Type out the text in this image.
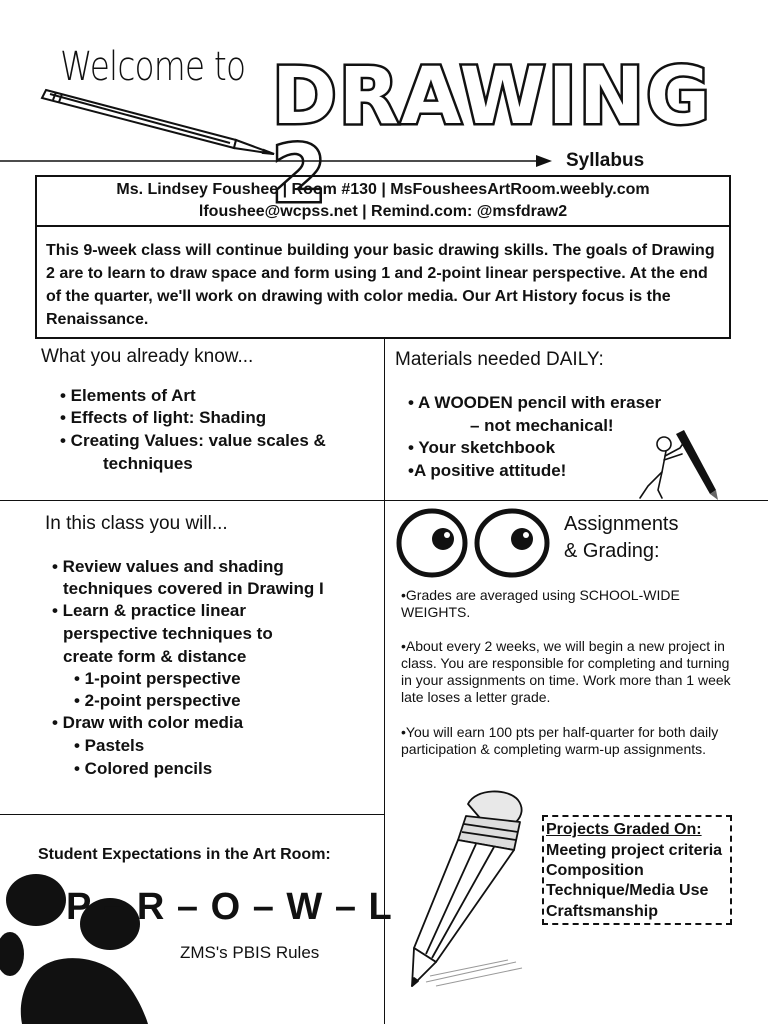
Welcome to DRAWING 2	Syllabus
Ms. Lindsey Foushee | Room #130 | MsFousheesArtRoom.weebly.com
lfoushee@wcpss.net | Remind.com: @msfdraw2
This 9-week class will continue building your basic drawing skills. The goals of Drawing 2 are to learn to draw space and form using 1 and 2-point linear perspective. At the end of the quarter, we'll work on drawing with color media. Our Art History focus is the Renaissance.
What you already know...
• Elements of Art
• Effects of light: Shading
• Creating Values: value scales &
techniques
Materials needed DAILY:
• A WOODEN pencil with eraser
– not mechanical!
• Your sketchbook
•A positive attitude!
In this class you will...
• Review values and shading
techniques covered in Drawing I
• Learn & practice linear
perspective techniques to
create form & distance
• 1-point perspective
• 2-point perspective
• Draw with color media
• Pastels
• Colored pencils
Assignments
& Grading:
•Grades are averaged using SCHOOL-WIDE WEIGHTS.
•About every 2 weeks, we will begin a new project in class. You are responsible for completing and turning in your assignments on time. Work more than 1 week late loses a letter grade.
•You will earn 100 pts per half-quarter for both daily participation & completing warm-up assignments.
Projects Graded On:
Meeting project criteria
Composition
Technique/Media Use
Craftsmanship
Student Expectations in the Art Room:
P – R – O – W – L
ZMS's PBIS Rules
